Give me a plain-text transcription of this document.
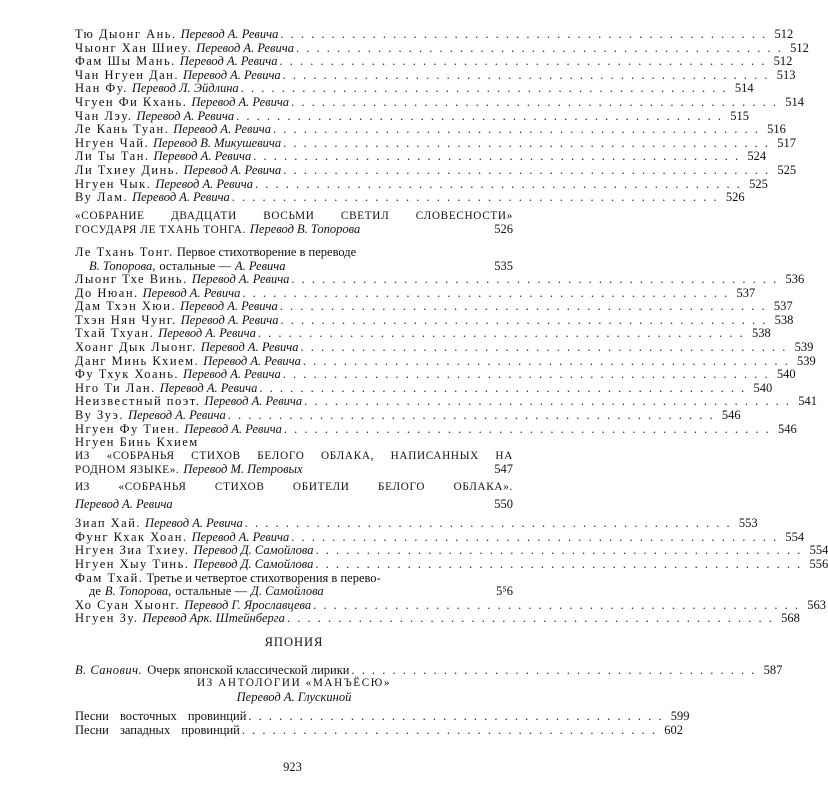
Тю Дыонг Ань. Перевод А. Ревича . . . . . . . . . . . . . . . . . . . . . . . . . . . . . . . . . . . . . . . . . . . . . . . . 512
Чыонг Хан Шиеу. Перевод А. Ревича . . . . . . . . . . . . . . . . . . . . . . . . . . . . . . . . . . . . . . . . . . . . . . . . 512
Фам Шы Мань. Перевод А. Ревича . . . . . . . . . . . . . . . . . . . . . . . . . . . . . . . . . . . . . . . . . . . . . . . . 512
Чан Нгуен Дан. Перевод А. Ревича . . . . . . . . . . . . . . . . . . . . . . . . . . . . . . . . . . . . . . . . . . . . . . . . 513
Нан Фу. Перевод Л. Эйдлина . . . . . . . . . . . . . . . . . . . . . . . . . . . . . . . . . . . . . . . . . . . . . . . . 514
Чгуен Фи Кхань. Перевод А. Ревича . . . . . . . . . . . . . . . . . . . . . . . . . . . . . . . . . . . . . . . . . . . . . . . . 514
Чан Лэу. Перевод А. Ревича . . . . . . . . . . . . . . . . . . . . . . . . . . . . . . . . . . . . . . . . . . . . . . . . 515
Ле Кань Туан. Перевод А. Ревича . . . . . . . . . . . . . . . . . . . . . . . . . . . . . . . . . . . . . . . . . . . . . . . . 516
Нгуен Чай. Перевод В. Микушевича . . . . . . . . . . . . . . . . . . . . . . . . . . . . . . . . . . . . . . . . . . . . . . . . 517
Ли Ты Тан. Перевод А. Ревича . . . . . . . . . . . . . . . . . . . . . . . . . . . . . . . . . . . . . . . . . . . . . . . . 524
Ли Тхиеу Динь. Перевод А. Ревича . . . . . . . . . . . . . . . . . . . . . . . . . . . . . . . . . . . . . . . . . . . . . . . . 525
Нгуен Чык. Перевод А. Ревича . . . . . . . . . . . . . . . . . . . . . . . . . . . . . . . . . . . . . . . . . . . . . . . . 525
Ву Лам. Перевод А. Ревича . . . . . . . . . . . . . . . . . . . . . . . . . . . . . . . . . . . . . . . . . . . . . . . . 526
«СОБРАНИЕ ДВАДЦАТИ ВОСЬМИ СВЕТИЛ СЛОВЕСНОСТИ»
ГОСУДАРЯ ЛЕ ТХАНЬ ТОНГА. Перевод В. Топорова	526
Ле Тхань Тонг. Первое стихотворение в переводе
В. Топорова, остальные — А. Ревича	535
Лыонг Тхе Винь. Перевод А. Ревича . . . . . . . . . . . . . . . . . . . . . . . . . . . . . . . . . . . . . . . . . . . . . . . . 536
До Нюан. Перевод А. Ревича . . . . . . . . . . . . . . . . . . . . . . . . . . . . . . . . . . . . . . . . . . . . . . . . 537
Дам Тхэн Хюи. Перевод А. Ревича . . . . . . . . . . . . . . . . . . . . . . . . . . . . . . . . . . . . . . . . . . . . . . . . 537
Тхэн Нян Чунг. Перевод А. Ревича . . . . . . . . . . . . . . . . . . . . . . . . . . . . . . . . . . . . . . . . . . . . . . . . 538
Тхай Тхуан. Перевод А. Ревича . . . . . . . . . . . . . . . . . . . . . . . . . . . . . . . . . . . . . . . . . . . . . . . . 538
Хоанг Дык Лыонг. Перевод А. Ревича . . . . . . . . . . . . . . . . . . . . . . . . . . . . . . . . . . . . . . . . . . . . . . . . 539
Данг Минь Кхием. Перевод А. Ревича . . . . . . . . . . . . . . . . . . . . . . . . . . . . . . . . . . . . . . . . . . . . . . . . 539
Фу Тхук Хоань. Перевод А. Ревича . . . . . . . . . . . . . . . . . . . . . . . . . . . . . . . . . . . . . . . . . . . . . . . . 540
Нго Ти Лан. Перевод А. Ревича . . . . . . . . . . . . . . . . . . . . . . . . . . . . . . . . . . . . . . . . . . . . . . . . 540
Неизвестный поэт. Перевод А. Ревича . . . . . . . . . . . . . . . . . . . . . . . . . . . . . . . . . . . . . . . . . . . . . . . . 541
Ву Зуэ. Перевод А. Ревича . . . . . . . . . . . . . . . . . . . . . . . . . . . . . . . . . . . . . . . . . . . . . . . . 546
Нгуен Фу Тиен. Перевод А. Ревича . . . . . . . . . . . . . . . . . . . . . . . . . . . . . . . . . . . . . . . . . . . . . . . . 546
Нгуен Бинь Кхием
ИЗ «СОБРАНЬЯ СТИХОВ БЕЛОГО ОБЛАКА, НАПИСАННЫХ НА
РОДНОМ ЯЗЫКЕ». Перевод М. Петровых	547
ИЗ «СОБРАНЬЯ СТИХОВ ОБИТЕЛИ БЕЛОГО ОБЛАКА».
Перевод А. Ревича	550
Зиап Хай. Перевод А. Ревича . . . . . . . . . . . . . . . . . . . . . . . . . . . . . . . . . . . . . . . . . . . . . . . . 553
Фунг Кхак Хоан. Перевод А. Ревича . . . . . . . . . . . . . . . . . . . . . . . . . . . . . . . . . . . . . . . . . . . . . . . . 554
Нгуен Зиа Тхиеу. Перевод Д. Самойлова . . . . . . . . . . . . . . . . . . . . . . . . . . . . . . . . . . . . . . . . . . . . . . . . 554
Нгуен Хыу Тинь. Перевод Д. Самойлова . . . . . . . . . . . . . . . . . . . . . . . . . . . . . . . . . . . . . . . . . . . . . . . . 556
Фам Тхай. Третье и четвертое стихотворения в перево-
де В. Топорова, остальные — Д. Самойлова	5⁵6
Хо Суан Хыонг. Перевод Г. Ярославцева . . . . . . . . . . . . . . . . . . . . . . . . . . . . . . . . . . . . . . . . . . . . . . . . 563
Нгуен Зу. Перевод Арк. Штейнберга . . . . . . . . . . . . . . . . . . . . . . . . . . . . . . . . . . . . . . . . . . . . . . . . 568
ЯПОНИЯ
В. Санович. Очерк японской классической лирики . . . . . . . . . . . . . . . . . . . . . . . . . . . . . . . . . . . . . . . . 587
ИЗ АНТОЛОГИИ «МАНЪЁСЮ»
Перевод А. Глускиной
Песни восточных провинций . . . . . . . . . . . . . . . . . . . . . . . . . . . . . . . . . . . . . . . . . 599
Песни западных провинций . . . . . . . . . . . . . . . . . . . . . . . . . . . . . . . . . . . . . . . . . 602
923
